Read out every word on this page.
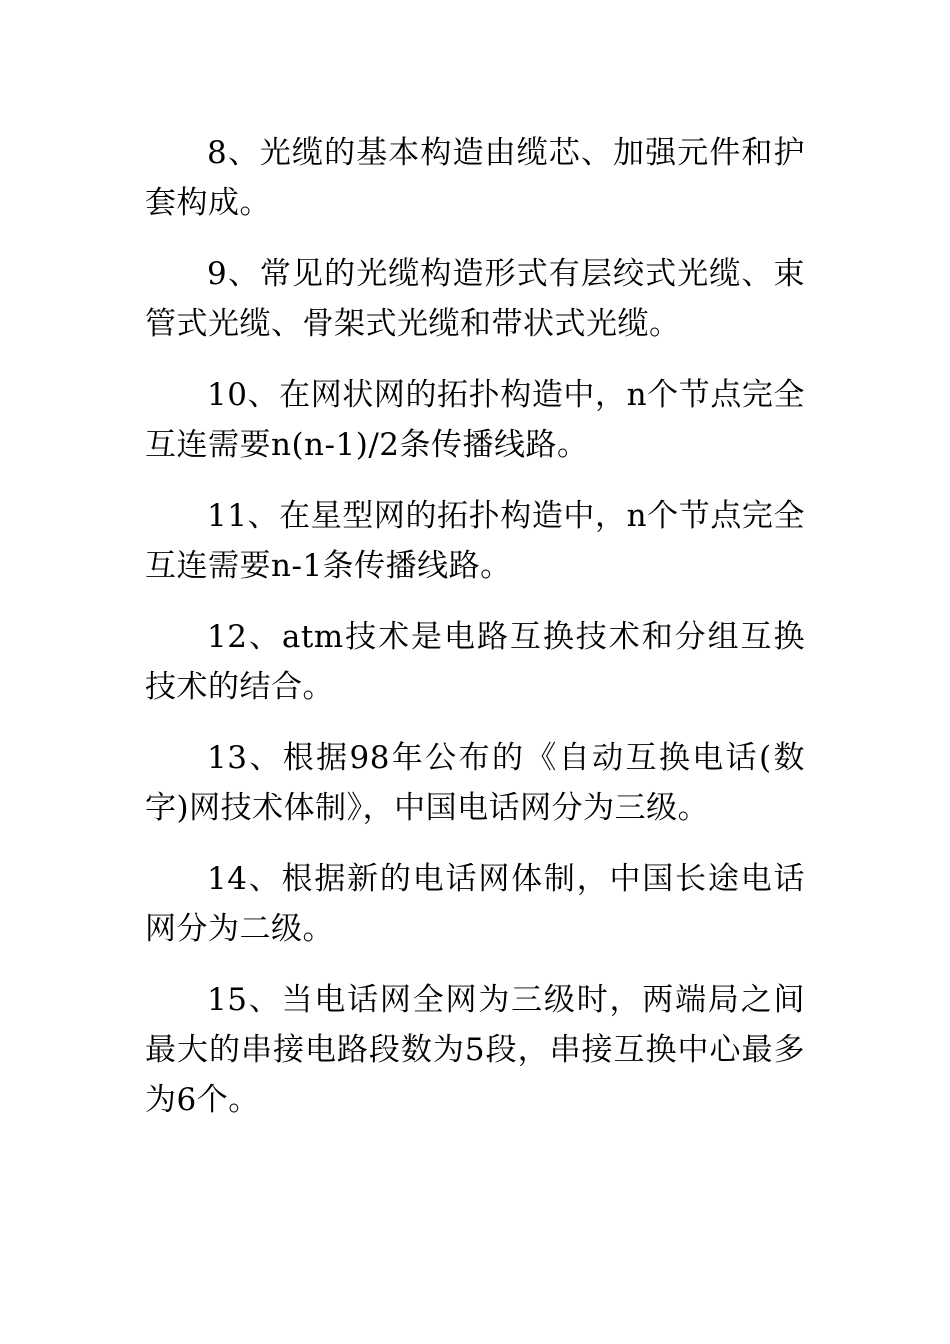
8、光缆的基本构造由缆芯、加强元件和护套构成。

9、常见的光缆构造形式有层绞式光缆、束管式光缆、骨架式光缆和带状式光缆。

10、在网状网的拓扑构造中，n个节点完全互连需要n(n-1)/2条传播线路。

11、在星型网的拓扑构造中，n个节点完全互连需要n-1条传播线路。

12、atm技术是电路互换技术和分组互换技术的结合。

13、根据98年公布的《自动互换电话(数字)网技术体制》，中国电话网分为三级。

14、根据新的电话网体制，中国长途电话网分为二级。

15、当电话网全网为三级时，两端局之间最大的串接电路段数为5段，串接互换中心最多为6个。
